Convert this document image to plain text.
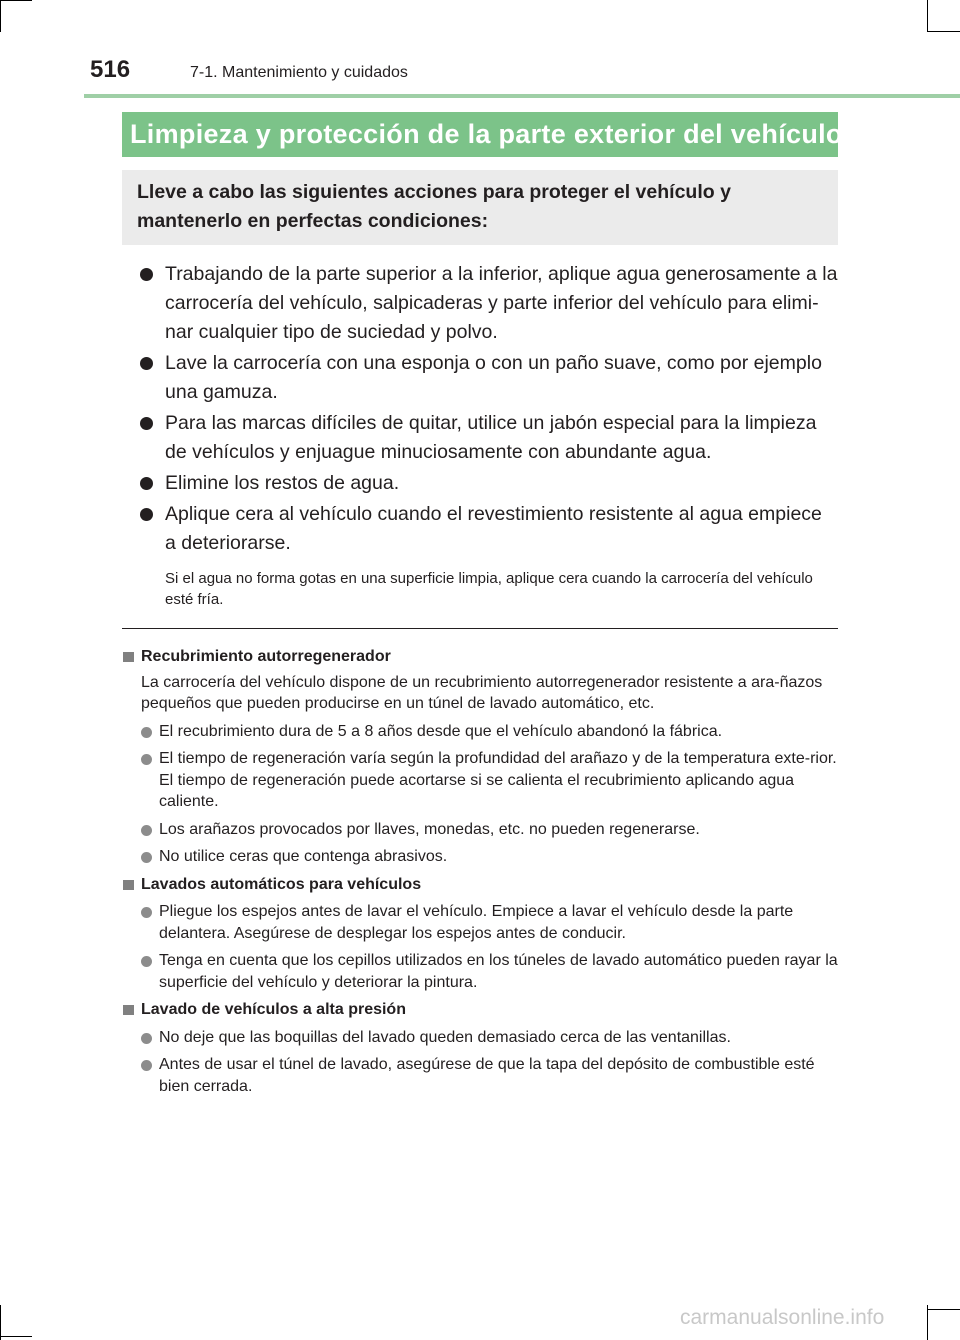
516	7-1. Mantenimiento y cuidados
Limpieza y protección de la parte exterior del vehículo
Lleve a cabo las siguientes acciones para proteger el vehículo y mantenerlo en perfectas condiciones:
Trabajando de la parte superior a la inferior, aplique agua generosamente a la carrocería del vehículo, salpicaderas y parte inferior del vehículo para elimi-nar cualquier tipo de suciedad y polvo.
Lave la carrocería con una esponja o con un paño suave, como por ejemplo una gamuza.
Para las marcas difíciles de quitar, utilice un jabón especial para la limpieza de vehículos y enjuague minuciosamente con abundante agua.
Elimine los restos de agua.
Aplique cera al vehículo cuando el revestimiento resistente al agua empiece a deteriorarse.
Si el agua no forma gotas en una superficie limpia, aplique cera cuando la carrocería del vehículo esté fría.
Recubrimiento autorregenerador
La carrocería del vehículo dispone de un recubrimiento autorregenerador resistente a ara-ñazos pequeños que pueden producirse en un túnel de lavado automático, etc.
El recubrimiento dura de 5 a 8 años desde que el vehículo abandonó la fábrica.
El tiempo de regeneración varía según la profundidad del arañazo y de la temperatura exte-rior.
El tiempo de regeneración puede acortarse si se calienta el recubrimiento aplicando agua caliente.
Los arañazos provocados por llaves, monedas, etc. no pueden regenerarse.
No utilice ceras que contenga abrasivos.
Lavados automáticos para vehículos
Pliegue los espejos antes de lavar el vehículo. Empiece a lavar el vehículo desde la parte delantera. Asegúrese de desplegar los espejos antes de conducir.
Tenga en cuenta que los cepillos utilizados en los túneles de lavado automático pueden rayar la superficie del vehículo y deteriorar la pintura.
Lavado de vehículos a alta presión
No deje que las boquillas del lavado queden demasiado cerca de las ventanillas.
Antes de usar el túnel de lavado, asegúrese de que la tapa del depósito de combustible esté bien cerrada.
carmanualsonline.info
